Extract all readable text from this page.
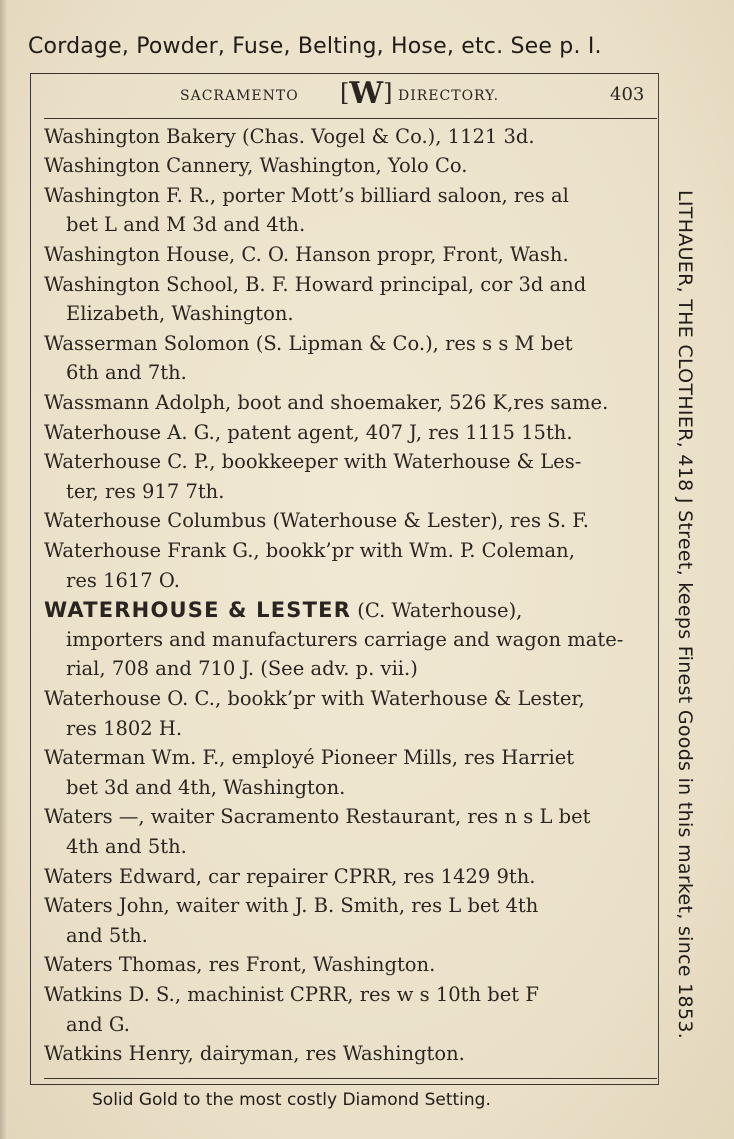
Cordage, Powder, Fuse, Belting, Hose, etc. See p. I.
SACRAMENTO [W] DIRECTORY.	403
Washington Bakery (Chas. Vogel & Co.), 1121 3d.
Washington Cannery, Washington, Yolo Co.
Washington F. R., porter Mott’s billiard saloon, res al
bet L and M 3d and 4th.
Washington House, C. O. Hanson propr, Front, Wash.
Washington School, B. F. Howard principal, cor 3d and
Elizabeth, Washington.
Wasserman Solomon (S. Lipman & Co.), res s s M bet
6th and 7th.
Wassmann Adolph, boot and shoemaker, 526 K,res same.
Waterhouse A. G., patent agent, 407 J, res 1115 15th.
Waterhouse C. P., bookkeeper with Waterhouse & Les-
ter, res 917 7th.
Waterhouse Columbus (Waterhouse & Lester), res S. F.
Waterhouse Frank G., bookk’pr with Wm. P. Coleman,
res 1617 O.
WATERHOUSE & LESTER (C. Waterhouse),
importers and manufacturers carriage and wagon mate-
rial, 708 and 710 J. (See adv. p. vii.)
Waterhouse O. C., bookk’pr with Waterhouse & Lester,
res 1802 H.
Waterman Wm. F., employé Pioneer Mills, res Harriet
bet 3d and 4th, Washington.
Waters —, waiter Sacramento Restaurant, res n s L bet
4th and 5th.
Waters Edward, car repairer CPRR, res 1429 9th.
Waters John, waiter with J. B. Smith, res L bet 4th
and 5th.
Waters Thomas, res Front, Washington.
Watkins D. S., machinist CPRR, res w s 10th bet F
and G.
Watkins Henry, dairyman, res Washington.
LITHAUER, THE CLOTHIER, 418 J Street, keeps Finest Goods in this market, since 1853.
Solid Gold to the most costly Diamond Setting.
